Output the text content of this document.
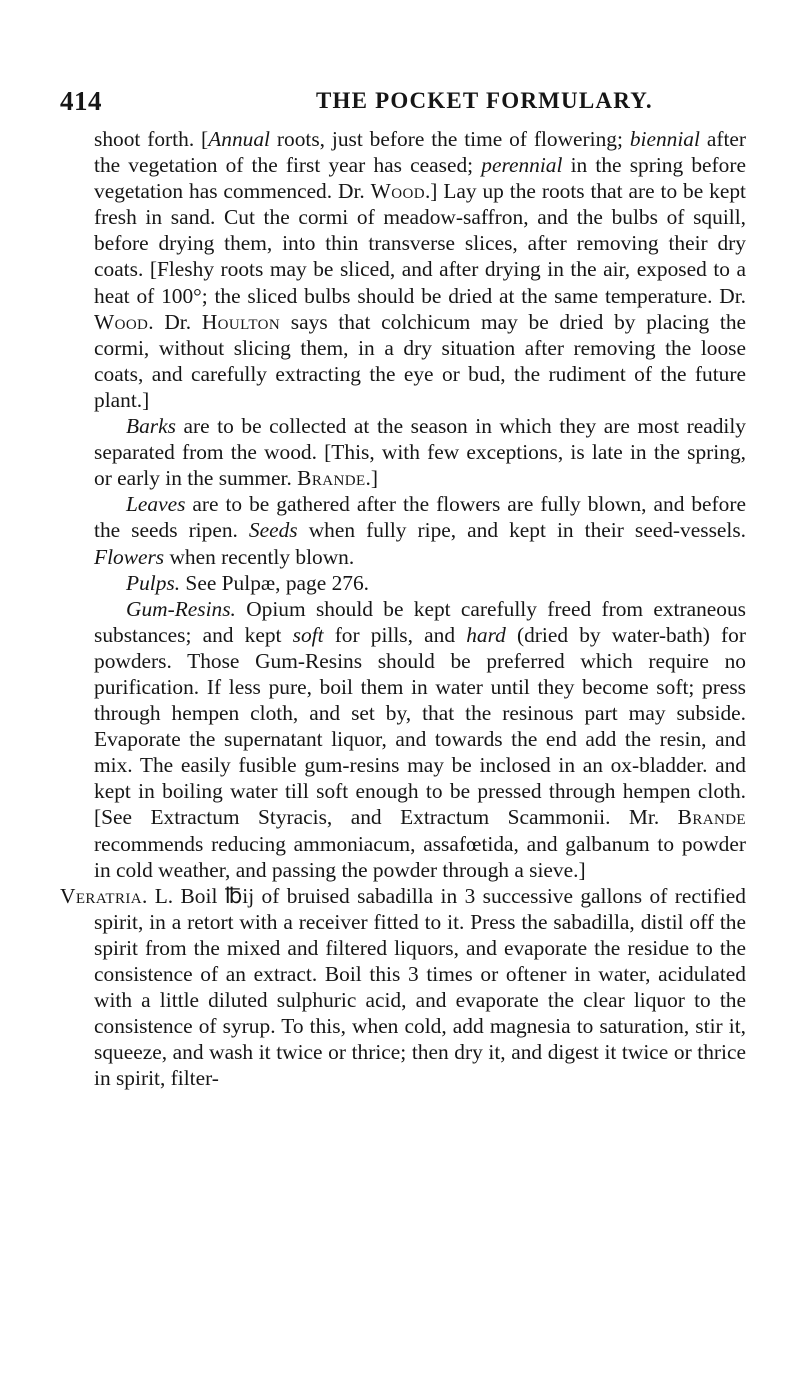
414	THE POCKET FORMULARY.

shoot forth. [Annual roots, just before the time of flowering; biennial after the vegetation of the first year has ceased; perennial in the spring before vegetation has commenced. Dr. Wood.] Lay up the roots that are to be kept fresh in sand. Cut the cormi of meadow-saffron, and the bulbs of squill, before drying them, into thin transverse slices, after removing their dry coats. [Fleshy roots may be sliced, and after drying in the air, exposed to a heat of 100°; the sliced bulbs should be dried at the same temperature. Dr. Wood. Dr. Houlton says that colchicum may be dried by placing the cormi, without slicing them, in a dry situation after removing the loose coats, and carefully extracting the eye or bud, the rudiment of the future plant.]

Barks are to be collected at the season in which they are most readily separated from the wood. [This, with few exceptions, is late in the spring, or early in the summer. Brande.]

Leaves are to be gathered after the flowers are fully blown, and before the seeds ripen. Seeds when fully ripe, and kept in their seed-vessels. Flowers when recently blown.

Pulps. See Pulpæ, page 276.

Gum-Resins. Opium should be kept carefully freed from extraneous substances; and kept soft for pills, and hard (dried by water-bath) for powders. Those Gum-Resins should be preferred which require no purification. If less pure, boil them in water until they become soft; press through hempen cloth, and set by, that the resinous part may subside. Evaporate the supernatant liquor, and towards the end add the resin, and mix. The easily fusible gum-resins may be inclosed in an ox-bladder. and kept in boiling water till soft enough to be pressed through hempen cloth. [See Extractum Styracis, and Extractum Scammonii. Mr. Brande recommends reducing ammoniacum, assafœtida, and galbanum to powder in cold weather, and passing the powder through a sieve.]

Veratria. L. Boil ℔ij of bruised sabadilla in 3 successive gallons of rectified spirit, in a retort with a receiver fitted to it. Press the sabadilla, distil off the spirit from the mixed and filtered liquors, and evaporate the residue to the consistence of an extract. Boil this 3 times or oftener in water, acidulated with a little diluted sulphuric acid, and evaporate the clear liquor to the consistence of syrup. To this, when cold, add magnesia to saturation, stir it, squeeze, and wash it twice or thrice; then dry it, and digest it twice or thrice in spirit, filter-
